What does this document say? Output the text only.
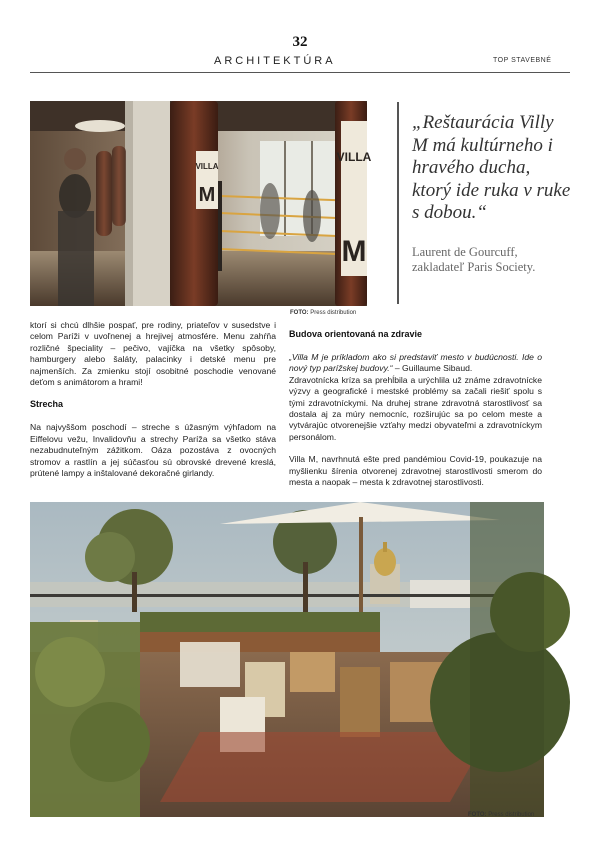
32
ARCHITEKTÚRA	TOP STAVEBNÉ
VILLA
M
VILLA
M
FOTO: Press distribution
„Reštaurácia Villy M má kultúrneho i hravého ducha, ktorý ide ruka v ruke s dobou.“
Laurent de Gourcuff, zakladateľ Paris Society.

ktorí si chcú dlhšie pospať, pre rodiny, priateľov v susedstve i celom Paríži v uvoľnenej a hrejivej atmosfére. Menu zahŕňa rozličné špeciality – pečivo, vajíčka na všetky spôsoby, hamburgery alebo šaláty, palacinky i detské menu pre najmenších. Za zmienku stojí osobitné poschodie venované deťom s animátorom a hrami!

Strecha

Na najvyššom poschodí – streche s úžasným výhľadom na Eiffelovu vežu, Invalidovňu a strechy Paríža sa všetko stáva nezabudnuteľným zážitkom. Oáza pozostáva z ovocných stromov a rastlín a jej súčasťou sú obrovské drevené kreslá, prútené lampy a inštalované dekoračné girlandy.

Budova orientovaná na zdravie

„Villa M je príkladom ako si predstaviť mesto v budúcnosti. Ide o nový typ parížskej budovy.“ – Guillaume Sibaud.

Zdravotnícka kríza sa prehĺbila a urýchlila už známe zdravotnícke výzvy a geografické i mestské problémy sa začali riešiť spolu s tými zdravotníckymi. Na druhej strane zdravotná starostlivosť sa dostala aj za múry nemocníc, rozširujúc sa po celom meste a vytvárajúc otvorenejšie vzťahy medzi obyvateľmi a zdravotníckym personálom.

Villa M, navrhnutá ešte pred pandémiou Covid-19, poukazuje na myšlienku šírenia otvorenej zdravotnej starostlivosti smerom do mesta a naopak – mesta k zdravotnej starostlivosti.

FOTO: Press distribution
